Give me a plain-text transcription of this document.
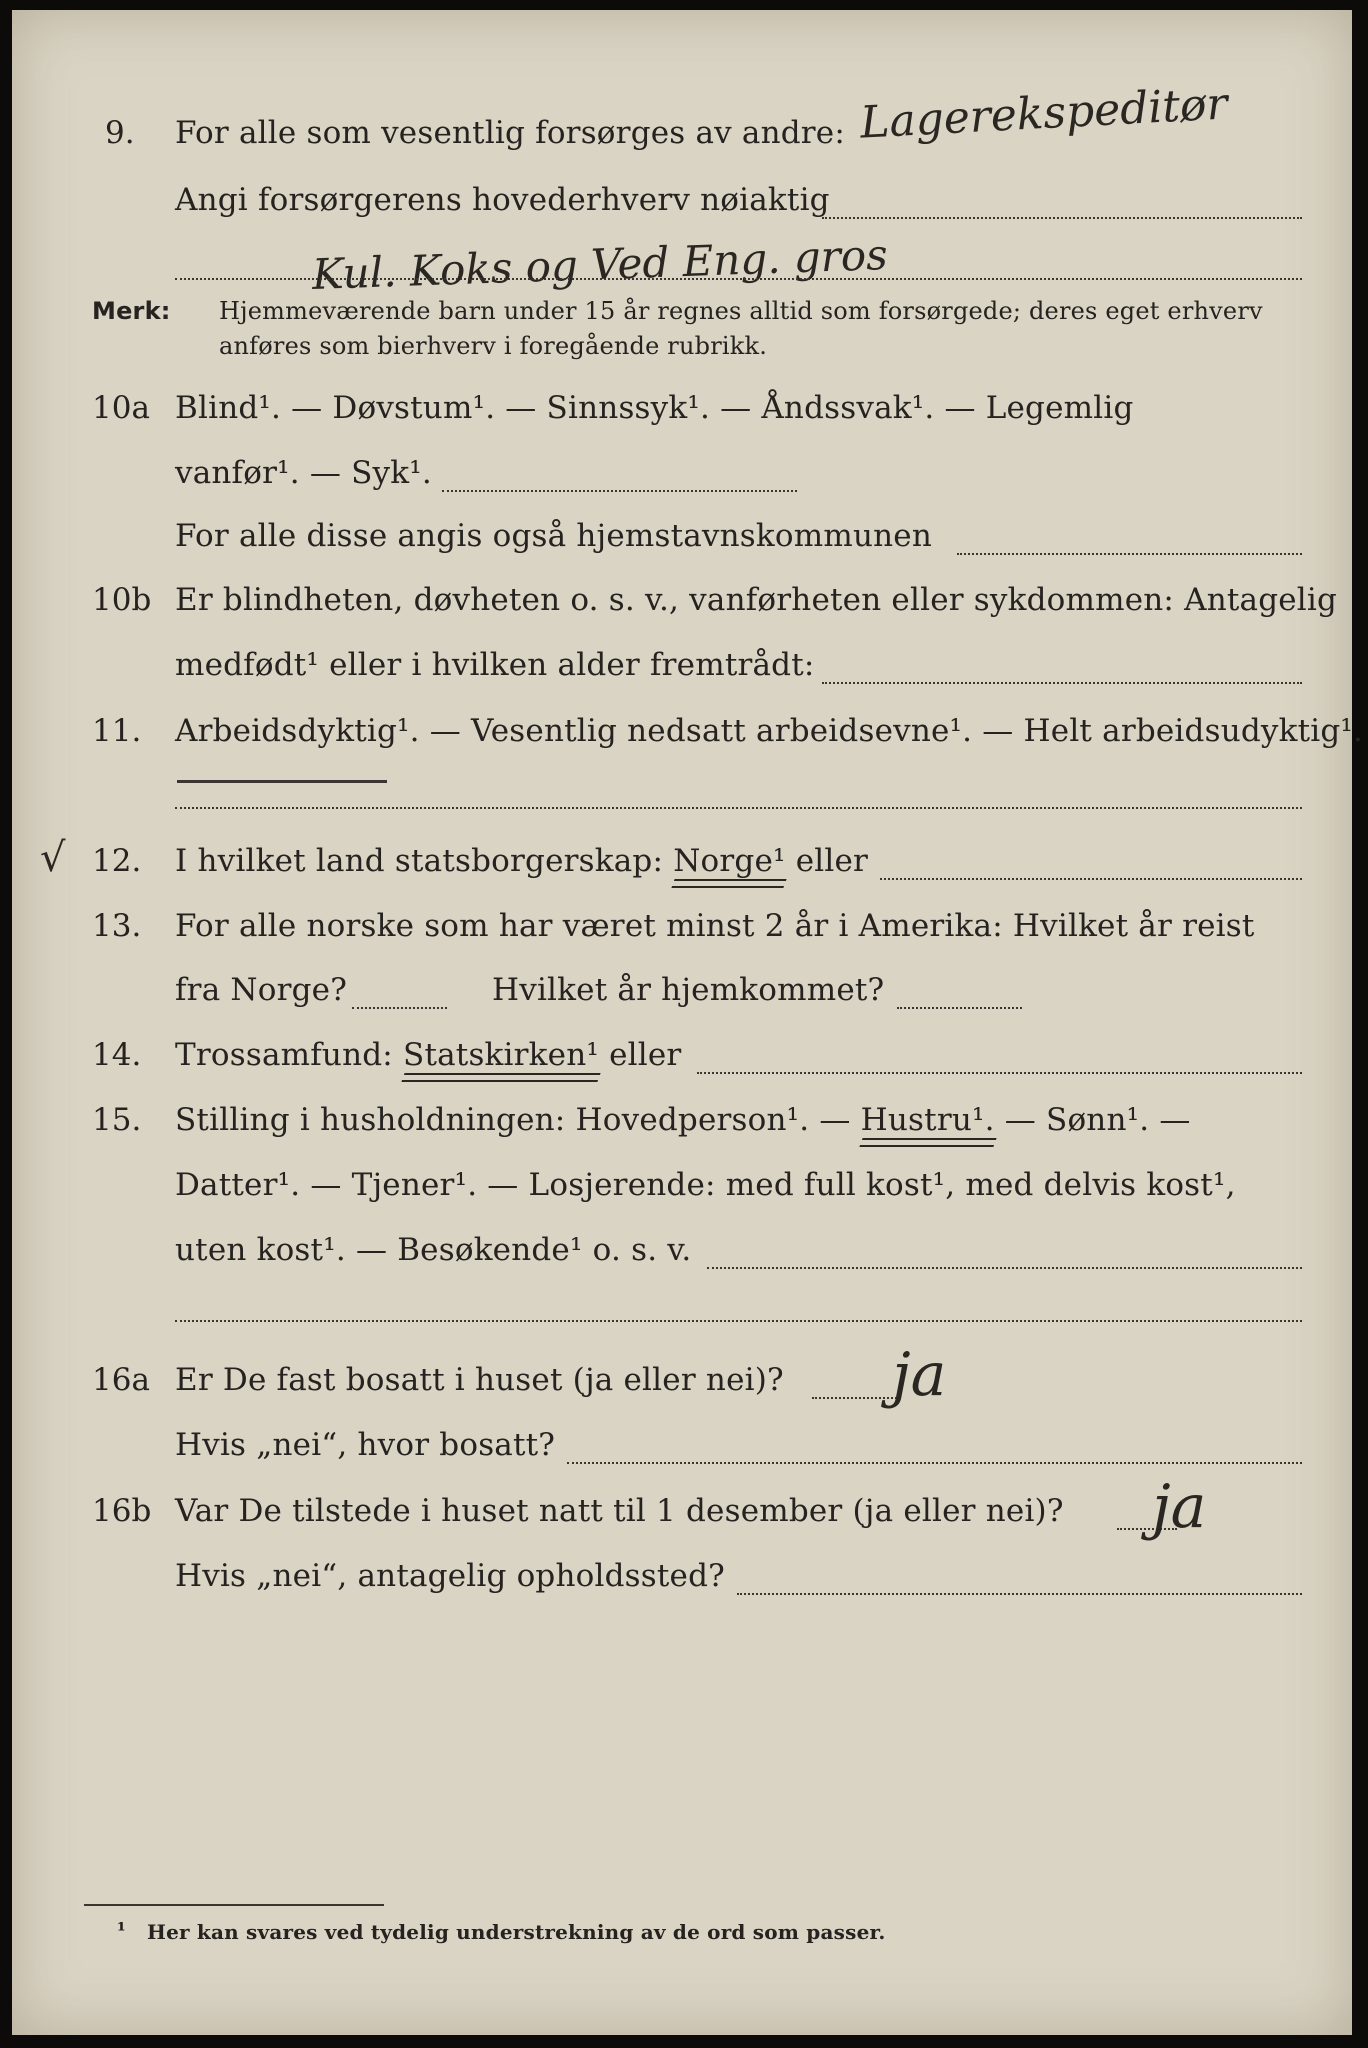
9. For alle som vesentlig forsørges av andre: Lagerekspeditør
Angi forsørgerens hovederhverv nøiaktig
Kul. Koks og Ved Eng. gros
Merk: Hjemmeværende barn under 15 år regnes alltid som forsørgede; deres eget erhverv
anføres som bierhverv i foregående rubrikk.
10a Blind¹. — Døvstum¹. — Sinnssyk¹. — Åndssvak¹. — Legemlig
vanfør¹. — Syk¹.
For alle disse angis også hjemstavnskommunen
10b Er blindheten, døvheten o. s. v., vanførheten eller sykdommen: Antagelig
medfødt¹ eller i hvilken alder fremtrådt:
11. Arbeidsdyktig¹. — Vesentlig nedsatt arbeidsevne¹. — Helt arbeidsudyktig¹.
√ 12. I hvilket land statsborgerskap: Norge¹ eller
13. For alle norske som har været minst 2 år i Amerika: Hvilket år reist
fra Norge?	Hvilket år hjemkommet?
14. Trossamfund: Statskirken¹ eller
15. Stilling i husholdningen: Hovedperson¹. — Hustru¹. — Sønn¹. —
Datter¹. — Tjener¹. — Losjerende: med full kost¹, med delvis kost¹,
uten kost¹. — Besøkende¹ o. s. v.
16a Er De fast bosatt i huset (ja eller nei)? ja
Hvis „nei“, hvor bosatt?
16b Var De tilstede i huset natt til 1 desember (ja eller nei)? ja
Hvis „nei“, antagelig opholdssted?
¹ Her kan svares ved tydelig understrekning av de ord som passer.
